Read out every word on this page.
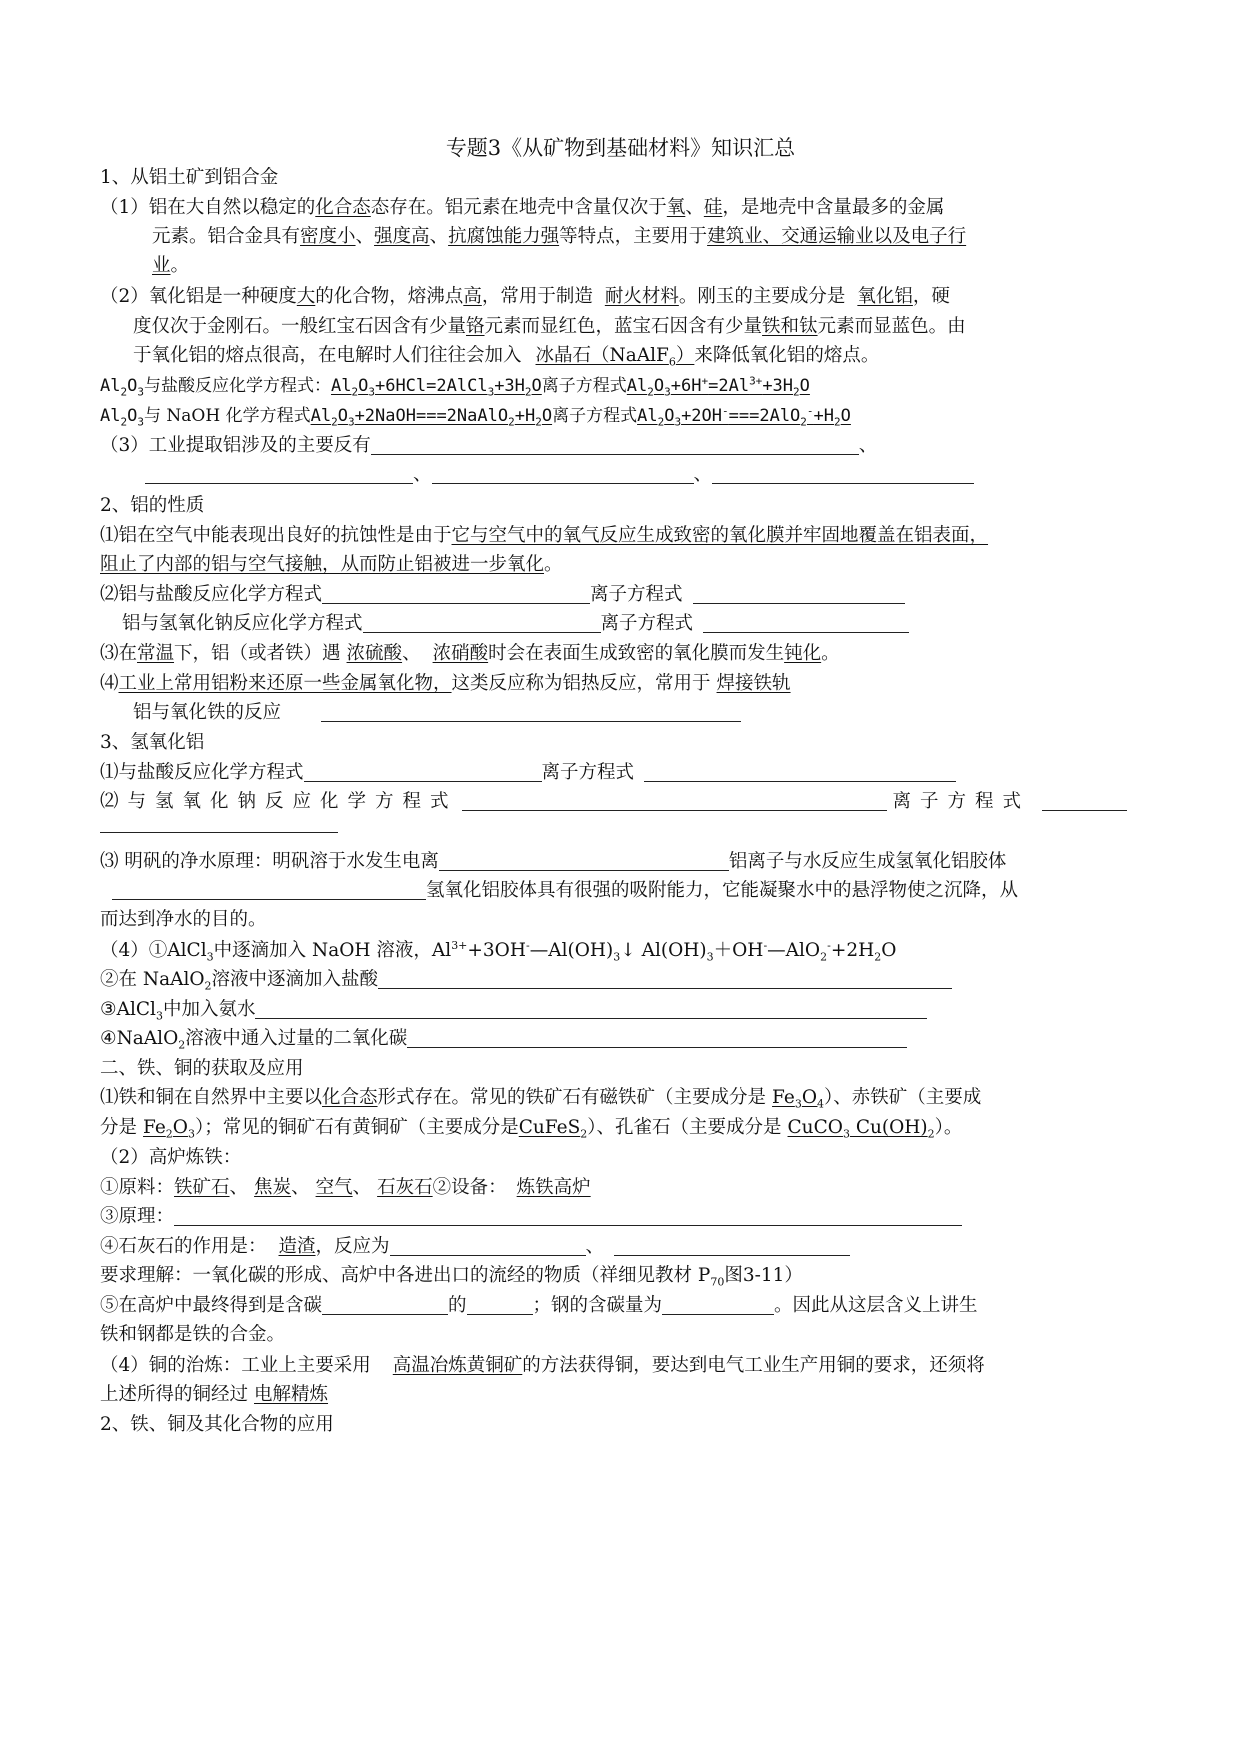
专题3《从矿物到基础材料》知识汇总
1、从铝土矿到铝合金
（1）铝在大自然以稳定的化合态态存在。铝元素在地壳中含量仅次于氧、硅，是地壳中含量最多的金属
元素。铝合金具有密度小、强度高、抗腐蚀能力强等特点，主要用于建筑业、交通运输业以及电子行
业。
（2）氧化铝是一种硬度大的化合物，熔沸点高，常用于制造 耐火材料。刚玉的主要成分是 氧化铝，硬
度仅次于金刚石。一般红宝石因含有少量铬元素而显红色，蓝宝石因含有少量铁和钛元素而显蓝色。由
于氧化铝的熔点很高，在电解时人们往往会加入 冰晶石（NaAlF$_6$）来降低氧化铝的熔点。
$Al_2O_3$与盐酸反应化学方程式：$Al_2O_3+6HCl=2AlCl_3+3H_2O$离子方程式$Al_2O_3+6H^+=2Al^{3+}+3H_2O$
$Al_2O_3$与 NaOH 化学方程式$Al_2O_3+2NaOH===2NaAlO_2+H_2O$离子方程式$Al_2O_3+2OH^-===2AlO_2^-+H_2O$
（3）工业提取铝涉及的主要反有	、
、	、
2、铝的性质
⑴铝在空气中能表现出良好的抗蚀性是由于它与空气中的氧气反应生成致密的氧化膜并牢固地覆盖在铝表面，
阻止了内部的铝与空气接触，从而防止铝被进一步氧化。
⑵铝与盐酸反应化学方程式	离子方程式
铝与氢氧化钠反应化学方程式	离子方程式
⑶在常温下，铝（或者铁）遇 浓硫酸、 浓硝酸时会在表面生成致密的氧化膜而发生钝化。
⑷工业上常用铝粉来还原一些金属氧化物，这类反应称为铝热反应，常用于 焊接铁轨
铝与氧化铁的反应
3、氢氧化铝
⑴与盐酸反应化学方程式	离子方程式
⑵与氢氧化钠反应化学方程式	离子方程式
⑶ 明矾的净水原理：明矾溶于水发生电离	铝离子与水反应生成氢氧化铝胶体
氢氧化铝胶体具有很强的吸附能力，它能凝聚水中的悬浮物使之沉降，从
而达到净水的目的。
（4）①AlCl$_3$中逐滴加入 NaOH 溶液，$Al^{3+}+3OH^-—Al(OH)_3↓$ $Al(OH)_3+OH^-—AlO_2^-+2H_2O$
②在 NaAlO$_2$溶液中逐滴加入盐酸
③AlCl$_3$中加入氨水
④NaAlO$_2$溶液中通入过量的二氧化碳
二、铁、铜的获取及应用
⑴铁和铜在自然界中主要以化合态形式存在。常见的铁矿石有磁铁矿（主要成分是 $Fe_3O_4$）、赤铁矿（主要成
分是 $Fe_2O_3$）；常见的铜矿石有黄铜矿（主要成分是CuFeS$_2$）、孔雀石（主要成分是 CuCO$_3$ $Cu(OH)_2$）。
（2）高炉炼铁：
①原料：铁矿石、 焦炭、 空气、 石灰石②设备： 炼铁高炉
③原理：
④石灰石的作用是： 造渣，反应为	、
要求理解：一氧化碳的形成、高炉中各进出口的流经的物质（祥细见教材 $P_{70}$图3-11）
⑤在高炉中最终得到是含碳	的	；钢的含碳量为	。因此从这层含义上讲生
铁和钢都是铁的合金。
（4）铜的治炼：工业上主要采用 高温冶炼黄铜矿的方法获得铜，要达到电气工业生产用铜的要求，还须将
上述所得的铜经过 电解精炼
2、铁、铜及其化合物的应用
